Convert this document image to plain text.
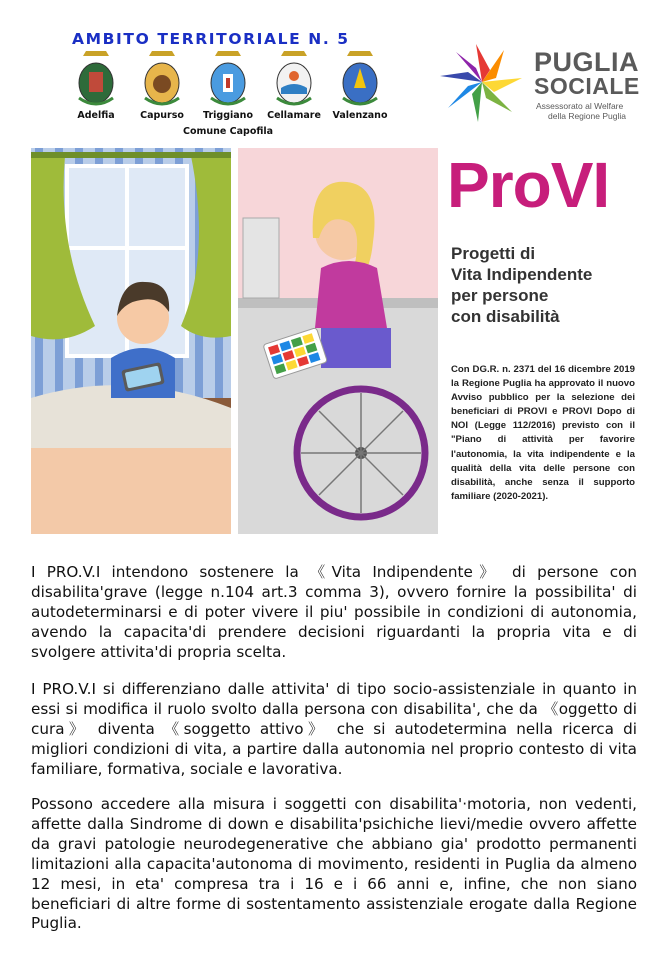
AMBITO TERRITORIALE N. 5
Adelfia	Capurso	Triggiano	Cellamare	Valenzano
Comune Capofila
PUGLIA
SOCIALE
Assessorato al Welfare
della Regione Puglia
ProVI
Progetti di
Vita Indipendente
per persone
con disabilità
Con DG.R. n. 2371 del 16 dicembre 2019 la Regione Puglia ha approvato il nuovo Avviso pubblico per la selezione dei beneficiari di PROVI e PROVI Dopo di NOI (Legge 112/2016) previsto con il "Piano di attività per favorire l'autonomia, la vita indipendente e la qualità della vita delle persone con disabilità, anche senza il supporto familiare (2020-2021).
I PRO.V.I intendono sostenere la 《Vita Indipendente》 di persone con disabilita'grave (legge n.104 art.3 comma 3), ovvero fornire la possibilita' di autodeterminarsi e di poter vivere il piu' possibile in condizioni di autonomia, avendo la capacita'di prendere decisioni riguardanti la propria vita e di svolgere attivita'di propria scelta.
I PRO.V.I si differenziano dalle attivita' di tipo socio-assistenziale in quanto in essi si modifica il ruolo svolto dalla persona con disabilita', che da 《oggetto di cura》 diventa 《soggetto attivo》 che si autodetermina nella ricerca di migliori condizioni di vita, a partire dalla autonomia nel proprio contesto di vita familiare, formativa, sociale e lavorativa.
Possono accedere alla misura i soggetti con disabilita'·motoria, non vedenti, affette dalla Sindrome di down e disabilita'psichiche lievi/medie ovvero affette da gravi patologie neurodegenerative che abbiano gia' prodotto permanenti limitazioni alla capacita'autonoma di movimento, residenti in Puglia da almeno 12 mesi, in eta' compresa tra i 16 e i 66 anni e, infine, che non siano beneficiari di altre forme di sostentamento assistenziale erogate dalla Regione Puglia.
